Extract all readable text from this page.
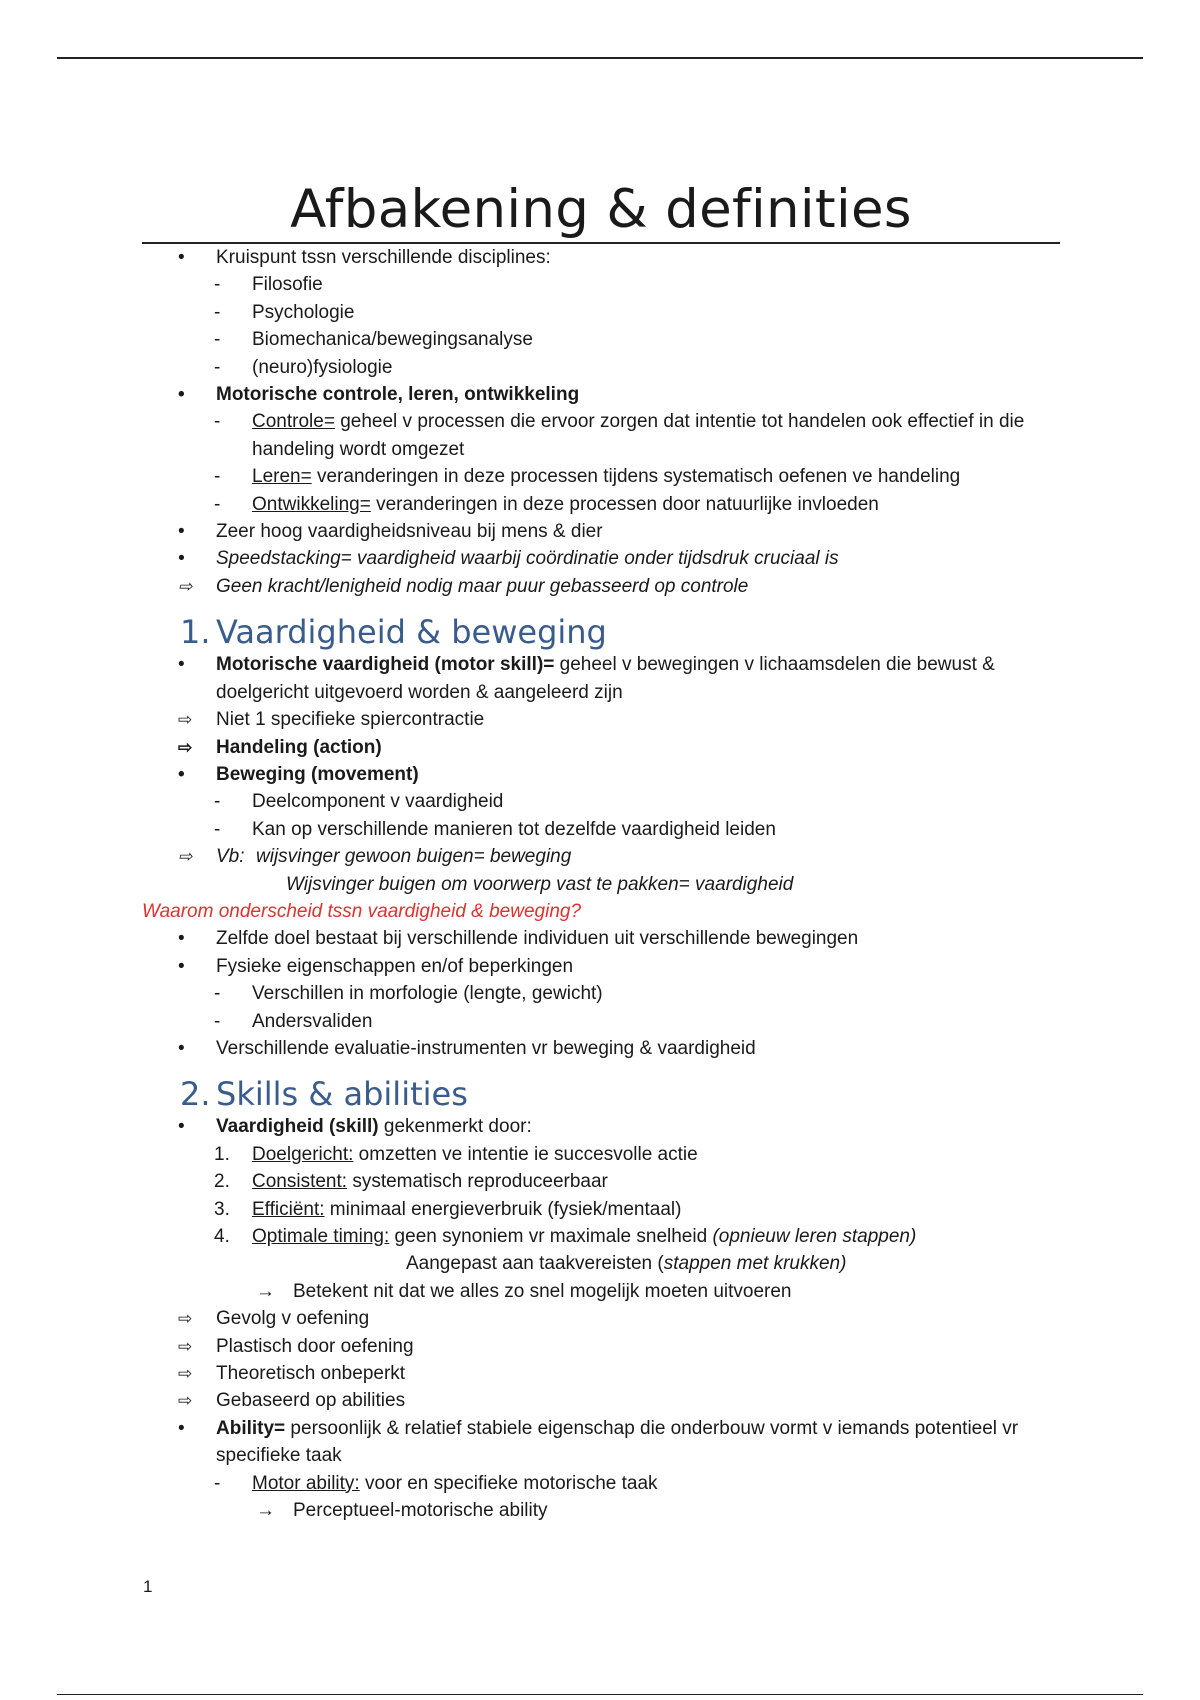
Afbakening & definities

• Kruispunt tssn verschillende disciplines:

- Filosofie

- Psychologie

- Biomechanica/bewegingsanalyse

- (neuro)fysiologie

• Motorische controle, leren, ontwikkeling

- Controle= geheel v processen die ervoor zorgen dat intentie tot handelen ook effectief in die handeling wordt omgezet

- Leren= veranderingen in deze processen tijdens systematisch oefenen ve handeling

- Ontwikkeling= veranderingen in deze processen door natuurlijke invloeden

• Zeer hoog vaardigheidsniveau bij mens & dier

• Speedstacking= vaardigheid waarbij coördinatie onder tijdsdruk cruciaal is

⇨ Geen kracht/lenigheid nodig maar puur gebasseerd op controle

1. Vaardigheid & beweging

• Motorische vaardigheid (motor skill)= geheel v bewegingen v lichaamsdelen die bewust & doelgericht uitgevoerd worden & aangeleerd zijn

⇨ Niet 1 specifieke spiercontractie

⇨ Handeling (action)

• Beweging (movement)

- Deelcomponent v vaardigheid

- Kan op verschillende manieren tot dezelfde vaardigheid leiden

⇨ Vb: wijsvinger gewoon buigen= beweging

Wijsvinger buigen om voorwerp vast te pakken= vaardigheid

Waarom onderscheid tssn vaardigheid & beweging?

• Zelfde doel bestaat bij verschillende individuen uit verschillende bewegingen

• Fysieke eigenschappen en/of beperkingen

- Verschillen in morfologie (lengte, gewicht)

- Andersvaliden

• Verschillende evaluatie-instrumenten vr beweging & vaardigheid

2. Skills & abilities

• Vaardigheid (skill) gekenmerkt door:

1. Doelgericht: omzetten ve intentie ie succesvolle actie

2. Consistent: systematisch reproduceerbaar

3. Efficiënt: minimaal energieverbruik (fysiek/mentaal)

4. Optimale timing: geen synoniem vr maximale snelheid (opnieuw leren stappen)

Aangepast aan taakvereisten (stappen met krukken)

→ Betekent nit dat we alles zo snel mogelijk moeten uitvoeren

⇨ Gevolg v oefening

⇨ Plastisch door oefening

⇨ Theoretisch onbeperkt

⇨ Gebaseerd op abilities

• Ability= persoonlijk & relatief stabiele eigenschap die onderbouw vormt v iemands potentieel vr specifieke taak

- Motor ability: voor en specifieke motorische taak

→ Perceptueel-motorische ability

1
